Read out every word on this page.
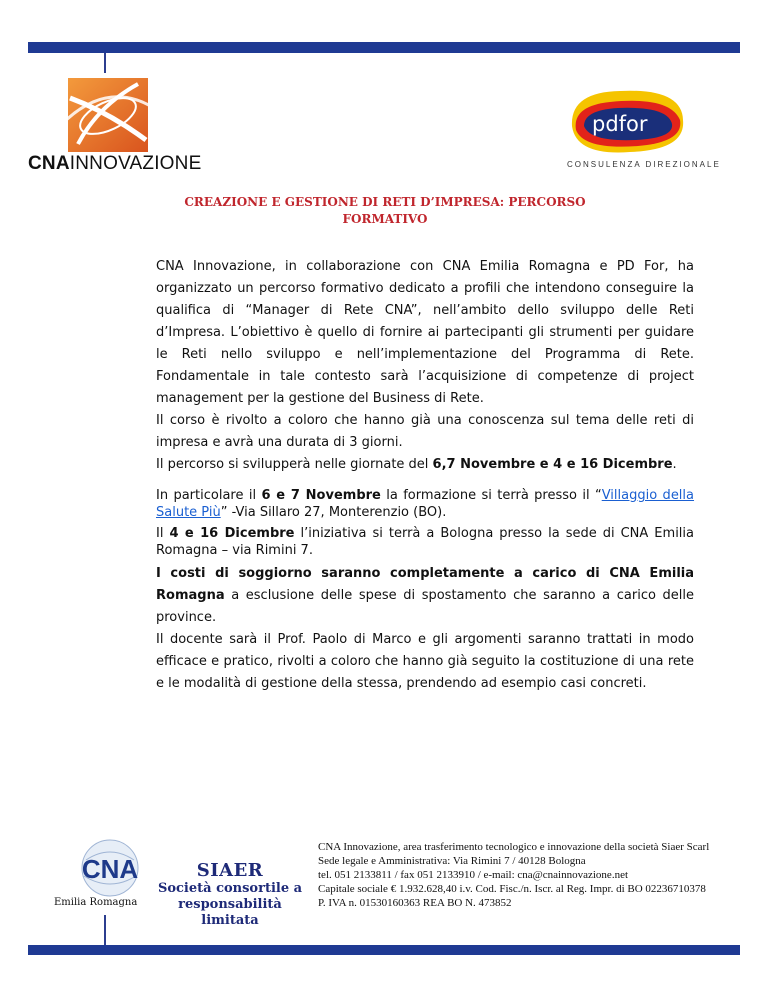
CNAINNOVAZIONE
pdfor
CONSULENZA DIREZIONALE
CREAZIONE E GESTIONE DI RETI D’IMPRESA: PERCORSO
FORMATIVO

CNA Innovazione, in collaborazione con CNA Emilia Romagna e PD For, ha organizzato un percorso formativo dedicato a profili che intendono conseguire la qualifica di “Manager di Rete CNA”, nell’ambito dello sviluppo delle Reti d’Impresa. L’obiettivo è quello di fornire ai partecipanti gli strumenti per guidare le Reti nello sviluppo e nell’implementazione del Programma di Rete. Fondamentale in tale contesto sarà l’acquisizione di competenze di project management per la gestione del Business di Rete.

Il corso è rivolto a coloro che hanno già una conoscenza sul tema delle reti di impresa e avrà una durata di 3 giorni.

Il percorso si svilupperà nelle giornate del 6,7 Novembre e 4 e 16 Dicembre.

In particolare il 6 e 7 Novembre la formazione si terrà presso il “Villaggio della Salute Più” -Via Sillaro 27, Monterenzio (BO).

Il 4 e 16 Dicembre l’iniziativa si terrà a Bologna presso la sede di CNA Emilia Romagna – via Rimini 7.

I costi di soggiorno saranno completamente a carico di CNA Emilia Romagna a esclusione delle spese di spostamento che saranno a carico delle province.

Il docente sarà il Prof. Paolo di Marco e gli argomenti saranno trattati in modo efficace e pratico, rivolti a coloro che hanno già seguito la costituzione di una rete e le modalità di gestione della stessa, prendendo ad esempio casi concreti.

CNA
Emilia Romagna
SIAER
Società consortile a
responsabilità limitata
CNA Innovazione, area trasferimento tecnologico e innovazione della società Siaer Scarl
Sede legale e Amministrativa: Via Rimini 7 / 40128 Bologna
tel. 051 2133811 / fax 051 2133910 / e-mail: cna@cnainnovazione.net
Capitale sociale € 1.932.628,40 i.v. Cod. Fisc./n. Iscr. al Reg. Impr. di BO 02236710378
P. IVA n. 01530160363 REA BO N. 473852
